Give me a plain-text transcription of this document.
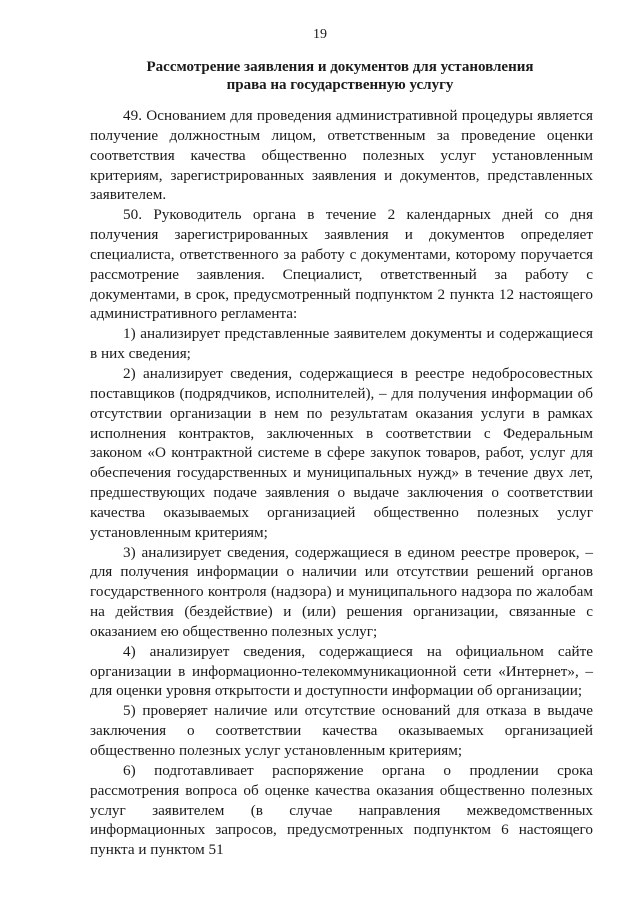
19
Рассмотрение заявления и документов для установления
права на государственную услугу

49. Основанием для проведения административной процедуры является получение должностным лицом, ответственным за проведение оценки соответствия качества общественно полезных услуг установленным критериям, зарегистрированных заявления и документов, представленных заявителем.

50. Руководитель органа в течение 2 календарных дней со дня получения зарегистрированных заявления и документов определяет специалиста, ответственного за работу с документами, которому поручается рассмотрение заявления. Специалист, ответственный за работу с документами, в срок, предусмотренный подпунктом 2 пункта 12 настоящего административного регламента:

1) анализирует представленные заявителем документы и содержащиеся в них сведения;

2) анализирует сведения, содержащиеся в реестре недобросовестных поставщиков (подрядчиков, исполнителей), – для получения информации об отсутствии организации в нем по результатам оказания услуги в рамках исполнения контрактов, заключенных в соответствии с Федеральным законом «О контрактной системе в сфере закупок товаров, работ, услуг для обеспечения государственных и муниципальных нужд» в течение двух лет, предшествующих подаче заявления о выдаче заключения о соответствии качества оказываемых организацией общественно полезных услуг установленным критериям;

3) анализирует сведения, содержащиеся в едином реестре проверок, – для получения информации о наличии или отсутствии решений органов государственного контроля (надзора) и муниципального надзора по жалобам на действия (бездействие) и (или) решения организации, связанные с оказанием ею общественно полезных услуг;

4) анализирует сведения, содержащиеся на официальном сайте организации в информационно-телекоммуникационной сети «Интернет», – для оценки уровня открытости и доступности информации об организации;

5) проверяет наличие или отсутствие оснований для отказа в выдаче заключения о соответствии качества оказываемых организацией общественно полезных услуг установленным критериям;

6) подготавливает распоряжение органа о продлении срока рассмотрения вопроса об оценке качества оказания общественно полезных услуг заявителем (в случае направления межведомственных информационных запросов, предусмотренных подпунктом 6 настоящего пункта и пунктом 51
